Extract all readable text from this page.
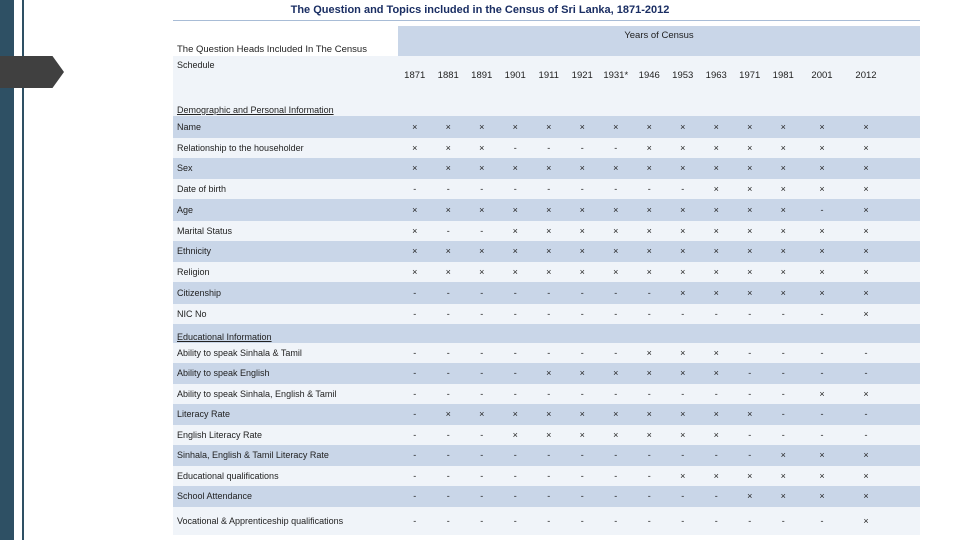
The Question and Topics included in the Census of Sri Lanka, 1871-2012
Years of Census
The Question Heads Included In The Census
Schedule
1871	1881	1891	1901	1911	1921	1931*	1946	1953	1963	1971	1981	2001	2012
Demographic and Personal Information
Name	×	×	×	×	×	×	×	×	×	×	×	×	×	×
Relationship to the householder	×	×	×	-	-	-	-	×	×	×	×	×	×	×
Sex	×	×	×	×	×	×	×	×	×	×	×	×	×	×
Date of birth	-	-	-	-	-	-	-	-	-	×	×	×	×	×
Age	×	×	×	×	×	×	×	×	×	×	×	×	-	×
Marital Status	×	-	-	×	×	×	×	×	×	×	×	×	×	×
Ethnicity	×	×	×	×	×	×	×	×	×	×	×	×	×	×
Religion	×	×	×	×	×	×	×	×	×	×	×	×	×	×
Citizenship	-	-	-	-	-	-	-	-	×	×	×	×	×	×
NIC No	-	-	-	-	-	-	-	-	-	-	-	-	-	×
Educational Information
Ability to speak Sinhala & Tamil	-	-	-	-	-	-	-	×	×	×	-	-	-	-
Ability to speak English	-	-	-	-	×	×	×	×	×	×	-	-	-	-
Ability to speak Sinhala, English & Tamil	-	-	-	-	-	-	-	-	-	-	-	-	×	×
Literacy Rate	-	×	×	×	×	×	×	×	×	×	×	-	-	-
English Literacy Rate	-	-	-	×	×	×	×	×	×	×	-	-	-	-
Sinhala, English & Tamil Literacy Rate	-	-	-	-	-	-	-	-	-	-	-	×	×	×
Educational qualifications	-	-	-	-	-	-	-	-	×	×	×	×	×	×
School Attendance	-	-	-	-	-	-	-	-	-	-	×	×	×	×
Vocational & Apprenticeship qualifications	-	-	-	-	-	-	-	-	-	-	-	-	-	×
